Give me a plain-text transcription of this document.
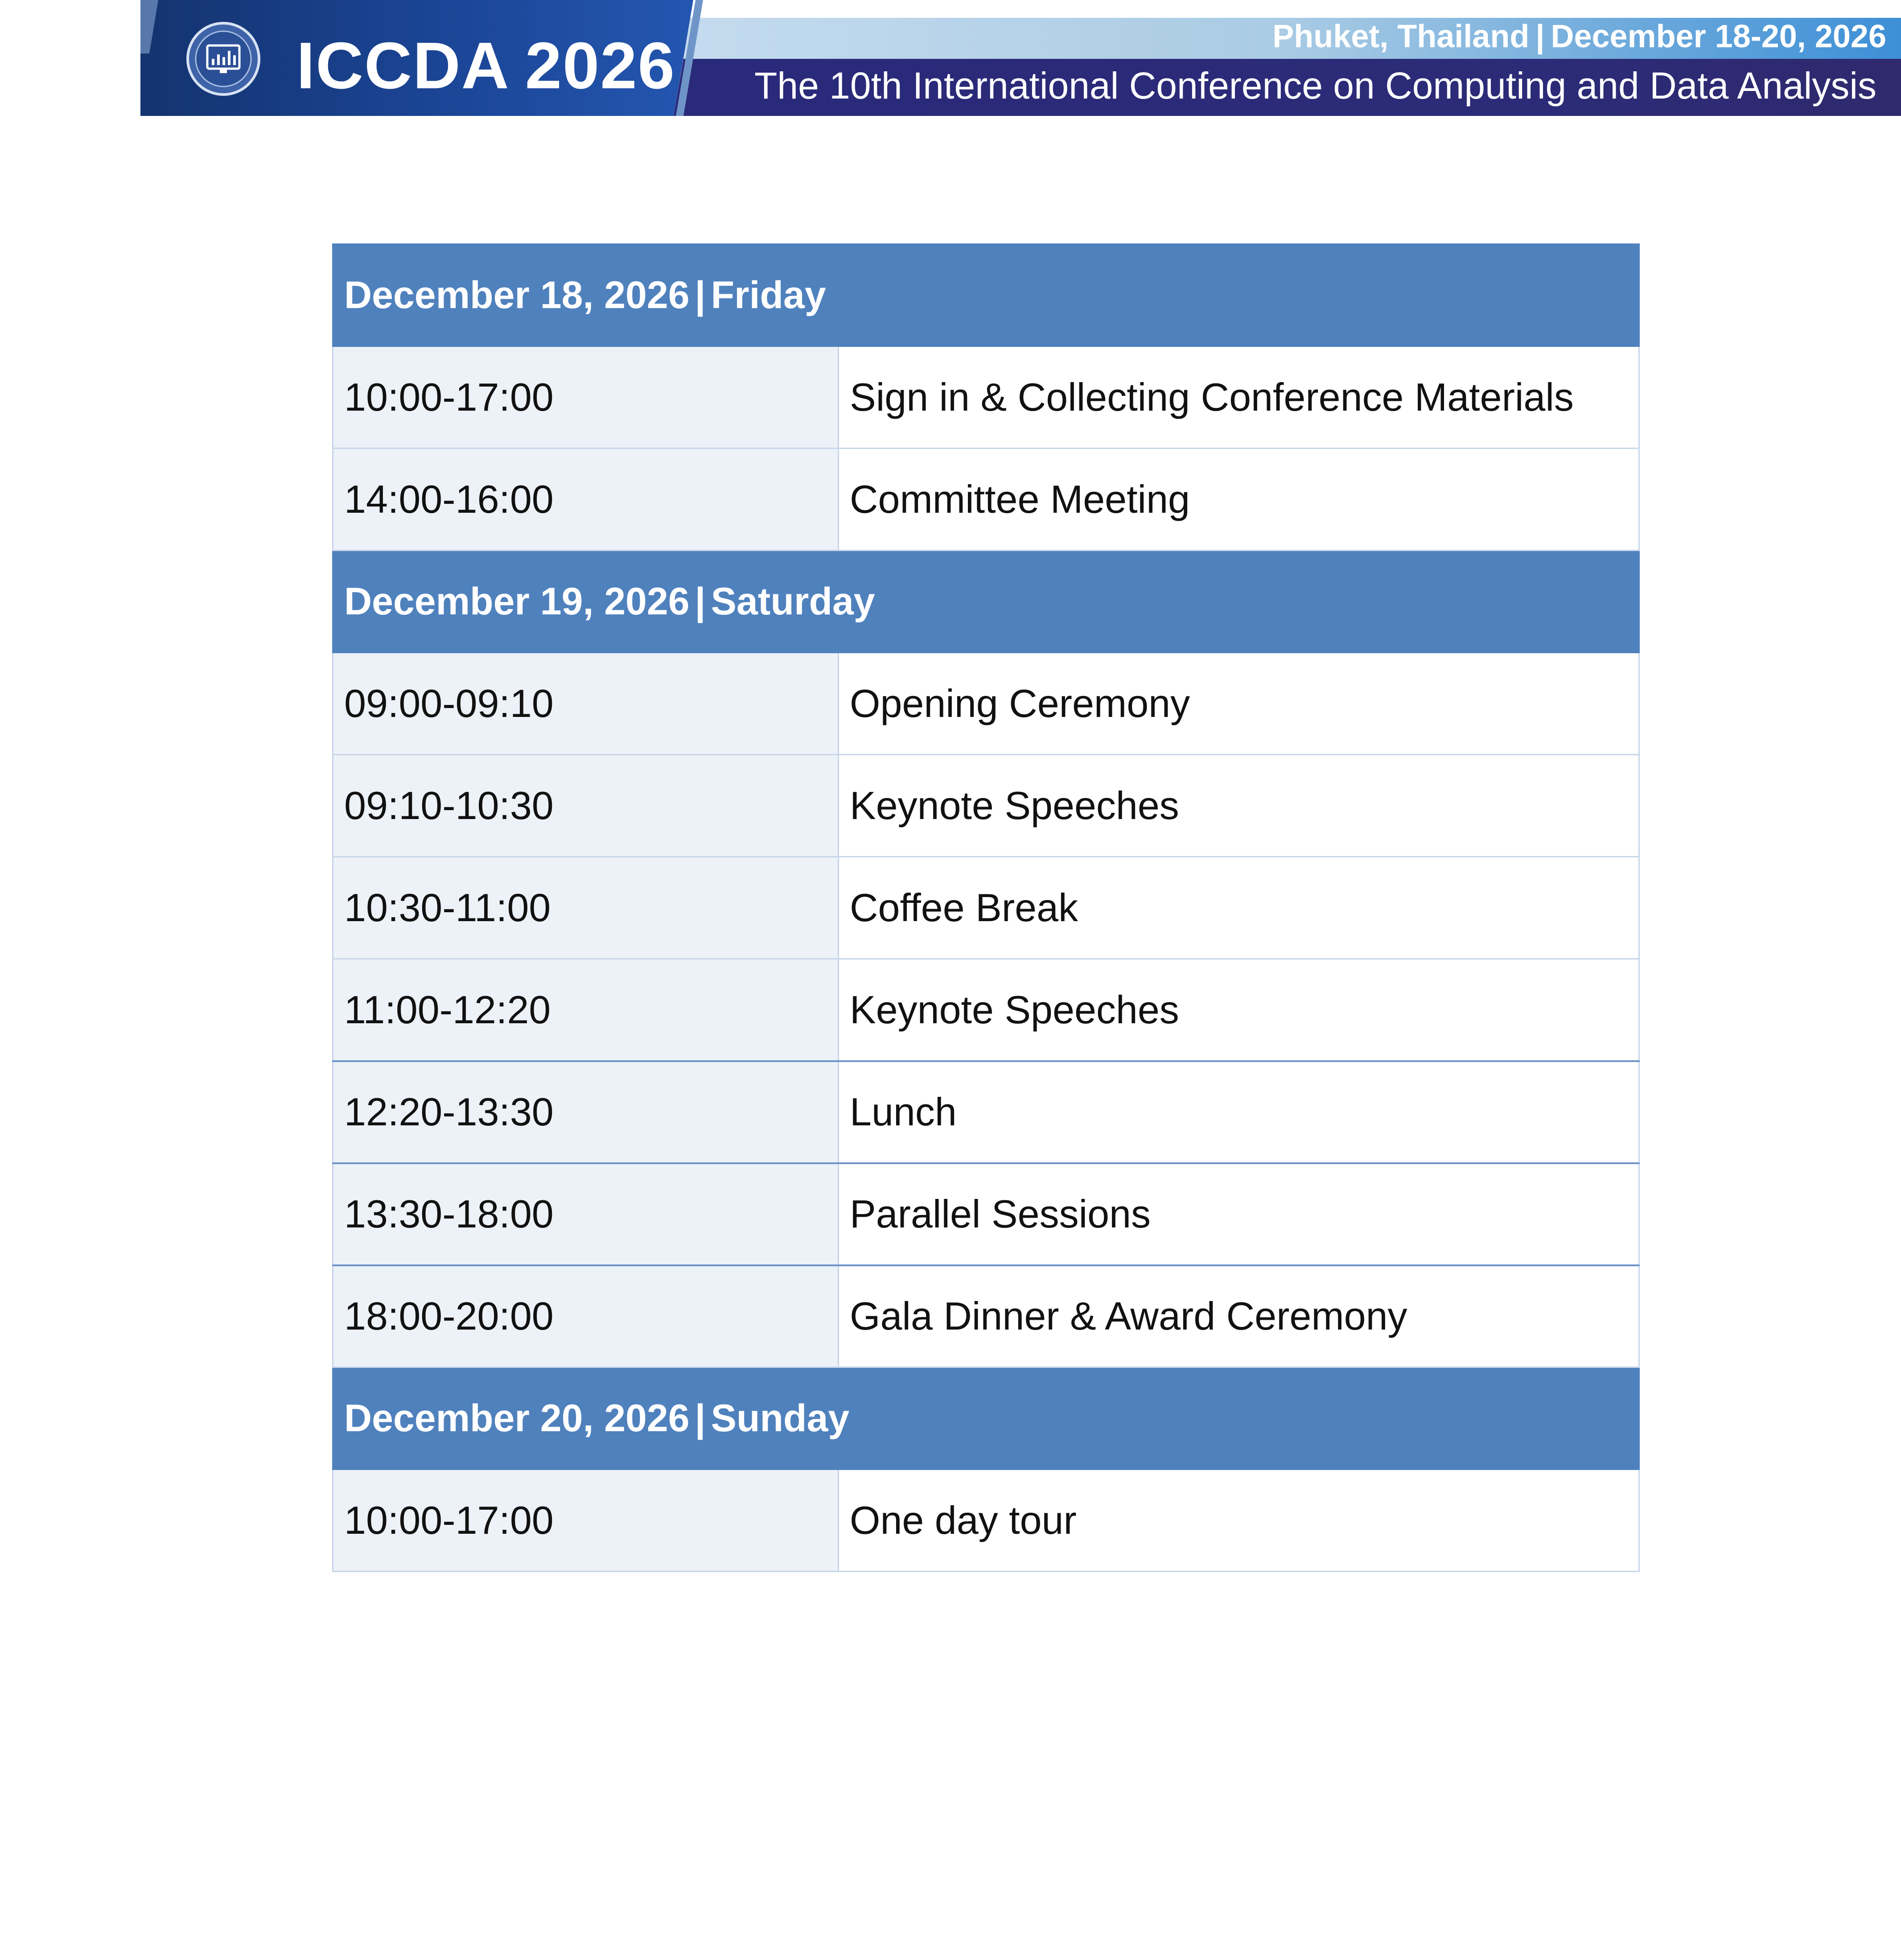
ICCDA 2026	Phuket, Thailand | December 18-20, 2026
The 10th International Conference on Computing and Data Analysis
December 18, 2026 | Friday	
10:00-17:00	Sign in & Collecting Conference Materials
14:00-16:00	Committee Meeting
December 19, 2026 | Saturday	
09:00-09:10	Opening Ceremony
09:10-10:30	Keynote Speeches
10:30-11:00	Coffee Break
11:00-12:20	Keynote Speeches
12:20-13:30	Lunch
13:30-18:00	Parallel Sessions
18:00-20:00	Gala Dinner & Award Ceremony
December 20, 2026 | Sunday	
10:00-17:00	One day tour
